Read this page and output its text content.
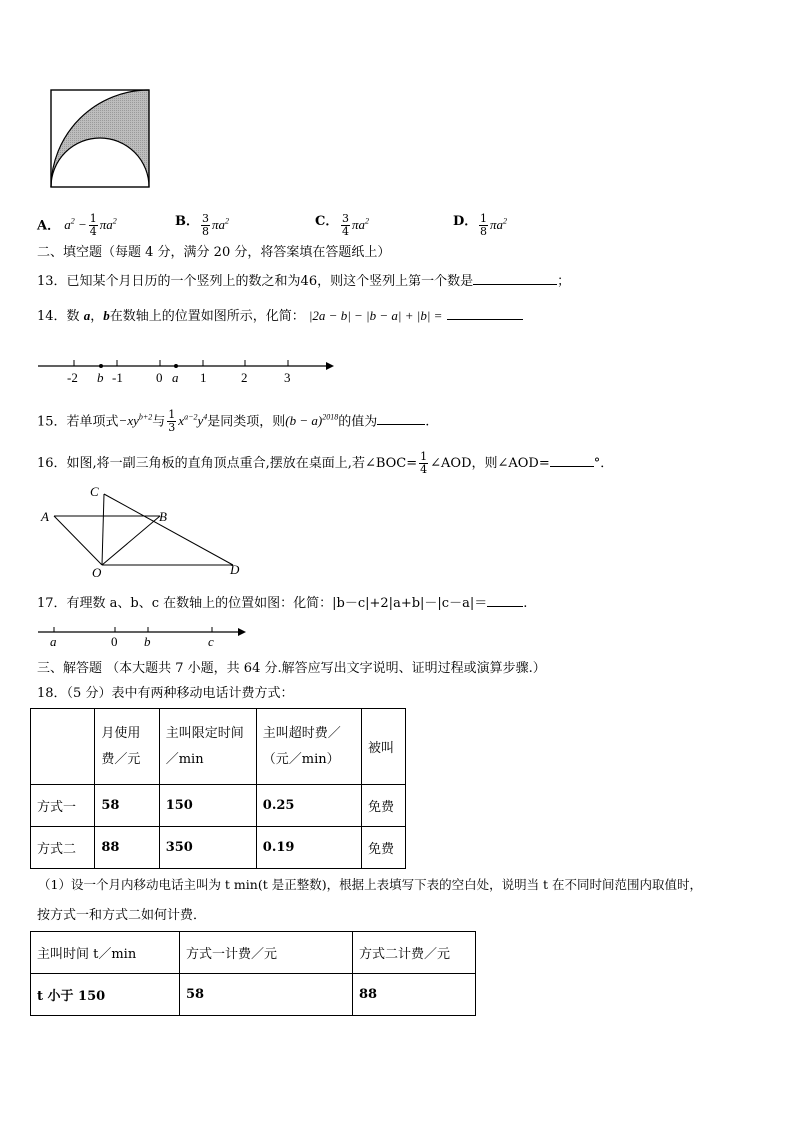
A． $a^2 - \frac{1}{4} \pi a^2$	B． $\frac{3}{8} \pi a^2$	C． $\frac{3}{4} \pi a^2$	D． $\frac{1}{8} \pi a^2$
二、填空题（每题 4 分，满分 20 分，将答案填在答题纸上）
13．已知某个月日历的一个竖列上的数之和为46，则这个竖列上第一个数是	；
14．数 a，b在数轴上的位置如图所示，化简： |2a − b| − |b − a| + |b| =
-2 b -1	0 a 1	2	3
15．若单项式$-xy^{b+2}$与 $\frac{1}{3} x^{a-2}y^4$是同类项，则$(b - a)^{2018}$的值为	.
16．如图,将一副三角板的直角顶点重合,摆放在桌面上,若∠BOC= $\frac{1}{4}$ ∠AOD，则∠AOD=	°．
A	B
C
D
O
17．有理数 a、b、c 在数轴上的位置如图：化简：|b－c|+2|a+b|－|c－a|＝	.
a	0 b	c
三、解答题 （本大题共 7 小题，共 64 分.解答应写出文字说明、证明过程或演算步骤.）
18．（5 分）表中有两种移动电话计费方式：
	月使用费／元	主叫限定时间／min	主叫超时费／（元／min）	被叫
方式一	58	150	0.25	免费
方式二	88	350	0.19	免费
（1）设一个月内移动电话主叫为 t min(t 是正整数)，根据上表填写下表的空白处，说明当 t 在不同时间范围内取值时，
按方式一和方式二如何计费．
主叫时间 t／min	方式一计费／元	方式二计费／元
t 小于 150	58	88
